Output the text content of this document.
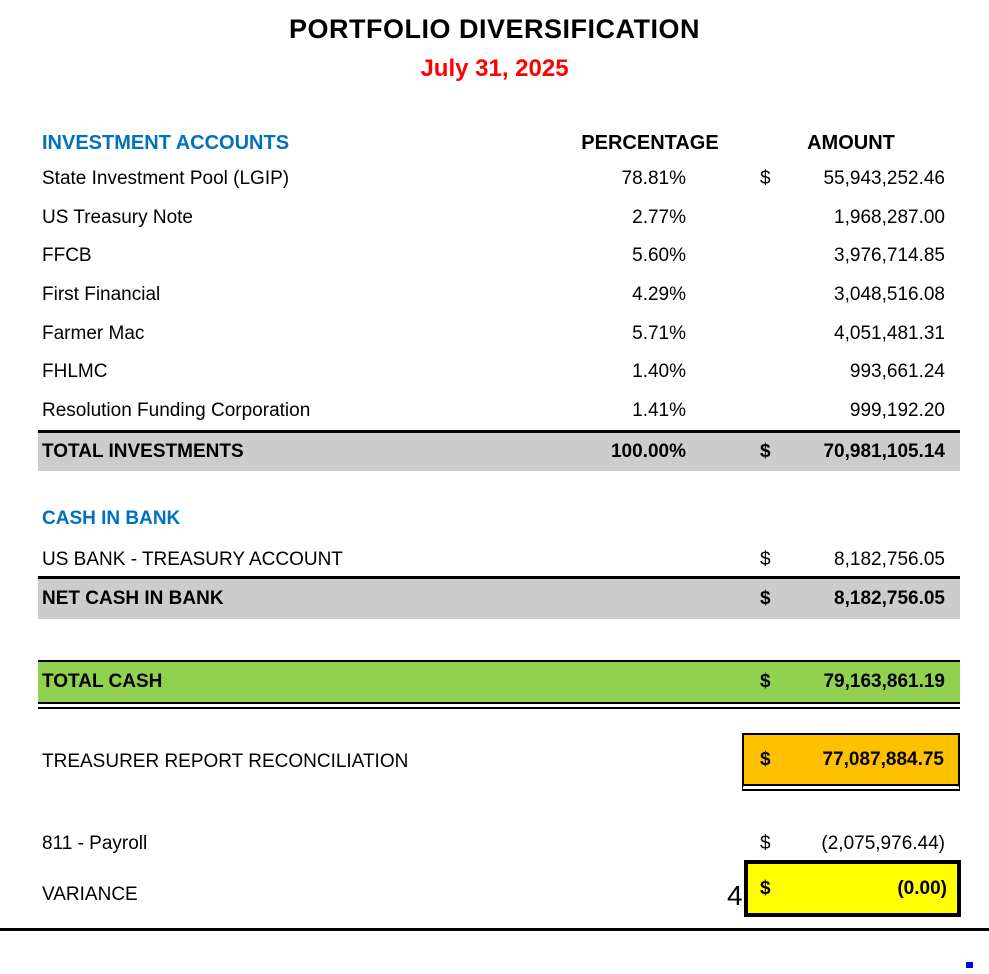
PORTFOLIO DIVERSIFICATION
July 31, 2025
INVESTMENT ACCOUNTS	PERCENTAGE	AMOUNT
State Investment Pool (LGIP)	78.81%	$	55,943,252.46
US Treasury Note	2.77%	1,968,287.00
FFCB	5.60%	3,976,714.85
First Financial	4.29%	3,048,516.08
Farmer Mac	5.71%	4,051,481.31
FHLMC	1.40%	993,661.24
Resolution Funding Corporation	1.41%	999,192.20
TOTAL INVESTMENTS	100.00%	$	70,981,105.14
CASH IN BANK
US BANK - TREASURY ACCOUNT	$	8,182,756.05
NET CASH IN BANK	$	8,182,756.05
TOTAL CASH	$	79,163,861.19
TREASURER REPORT RECONCILIATION	$	77,087,884.75
811 - Payroll	$	(2,075,976.44)
VARIANCE	4 $	(0.00)
